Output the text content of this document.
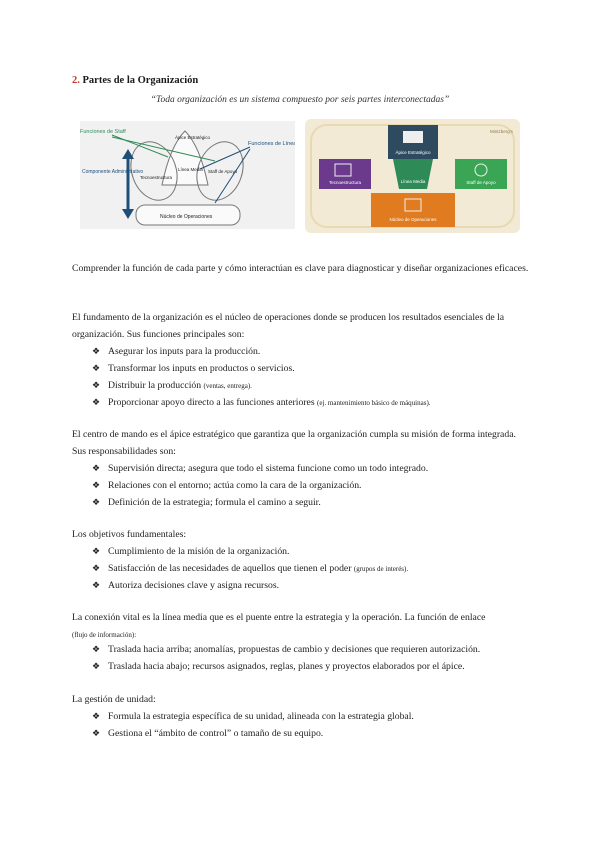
2. Partes de la Organización
“Toda organización es un sistema compuesto por seis partes interconectadas”
Funciones de Staff
Componente Administrativo
Ápice Estratégico
Tecnoestructura
Línea Media Staff de Apoyo
Funciones de Línea
Núcleo de Operaciones
Mintzberg's
Ápice Estratégico
Línea Media
Tecnoestructura	Staff de Apoyo
Núcleo de Operaciones

Comprender la función de cada parte y cómo interactúan es clave para diagnosticar y diseñar organizaciones eficaces.

El fundamento de la organización es el núcleo de operaciones donde se producen los resultados esenciales de la organización. Sus funciones principales son:

❖ Asegurar los inputs para la producción.
❖ Transformar los inputs en productos o servicios.
❖ Distribuir la producción (ventas, entrega).
❖ Proporcionar apoyo directo a las funciones anteriores (ej. mantenimiento básico de máquinas).

El centro de mando es el ápice estratégico que garantiza que la organización cumpla su misión de forma integrada. Sus responsabilidades son:

❖ Supervisión directa; asegura que todo el sistema funcione como un todo integrado.
❖ Relaciones con el entorno; actúa como la cara de la organización.
❖ Definición de la estrategia; formula el camino a seguir.

Los objetivos fundamentales:

❖ Cumplimiento de la misión de la organización.
❖ Satisfacción de las necesidades de aquellos que tienen el poder (grupos de interés).
❖ Autoriza decisiones clave y asigna recursos.

La conexión vital es la línea media que es el puente entre la estrategia y la operación. La función de enlace
(flujo de información):

❖ Traslada hacia arriba; anomalías, propuestas de cambio y decisiones que requieren autorización.
❖ Traslada hacia abajo; recursos asignados, reglas, planes y proyectos elaborados por el ápice.

La gestión de unidad:

❖ Formula la estrategia específica de su unidad, alineada con la estrategia global.
❖ Gestiona el “ámbito de control” o tamaño de su equipo.
